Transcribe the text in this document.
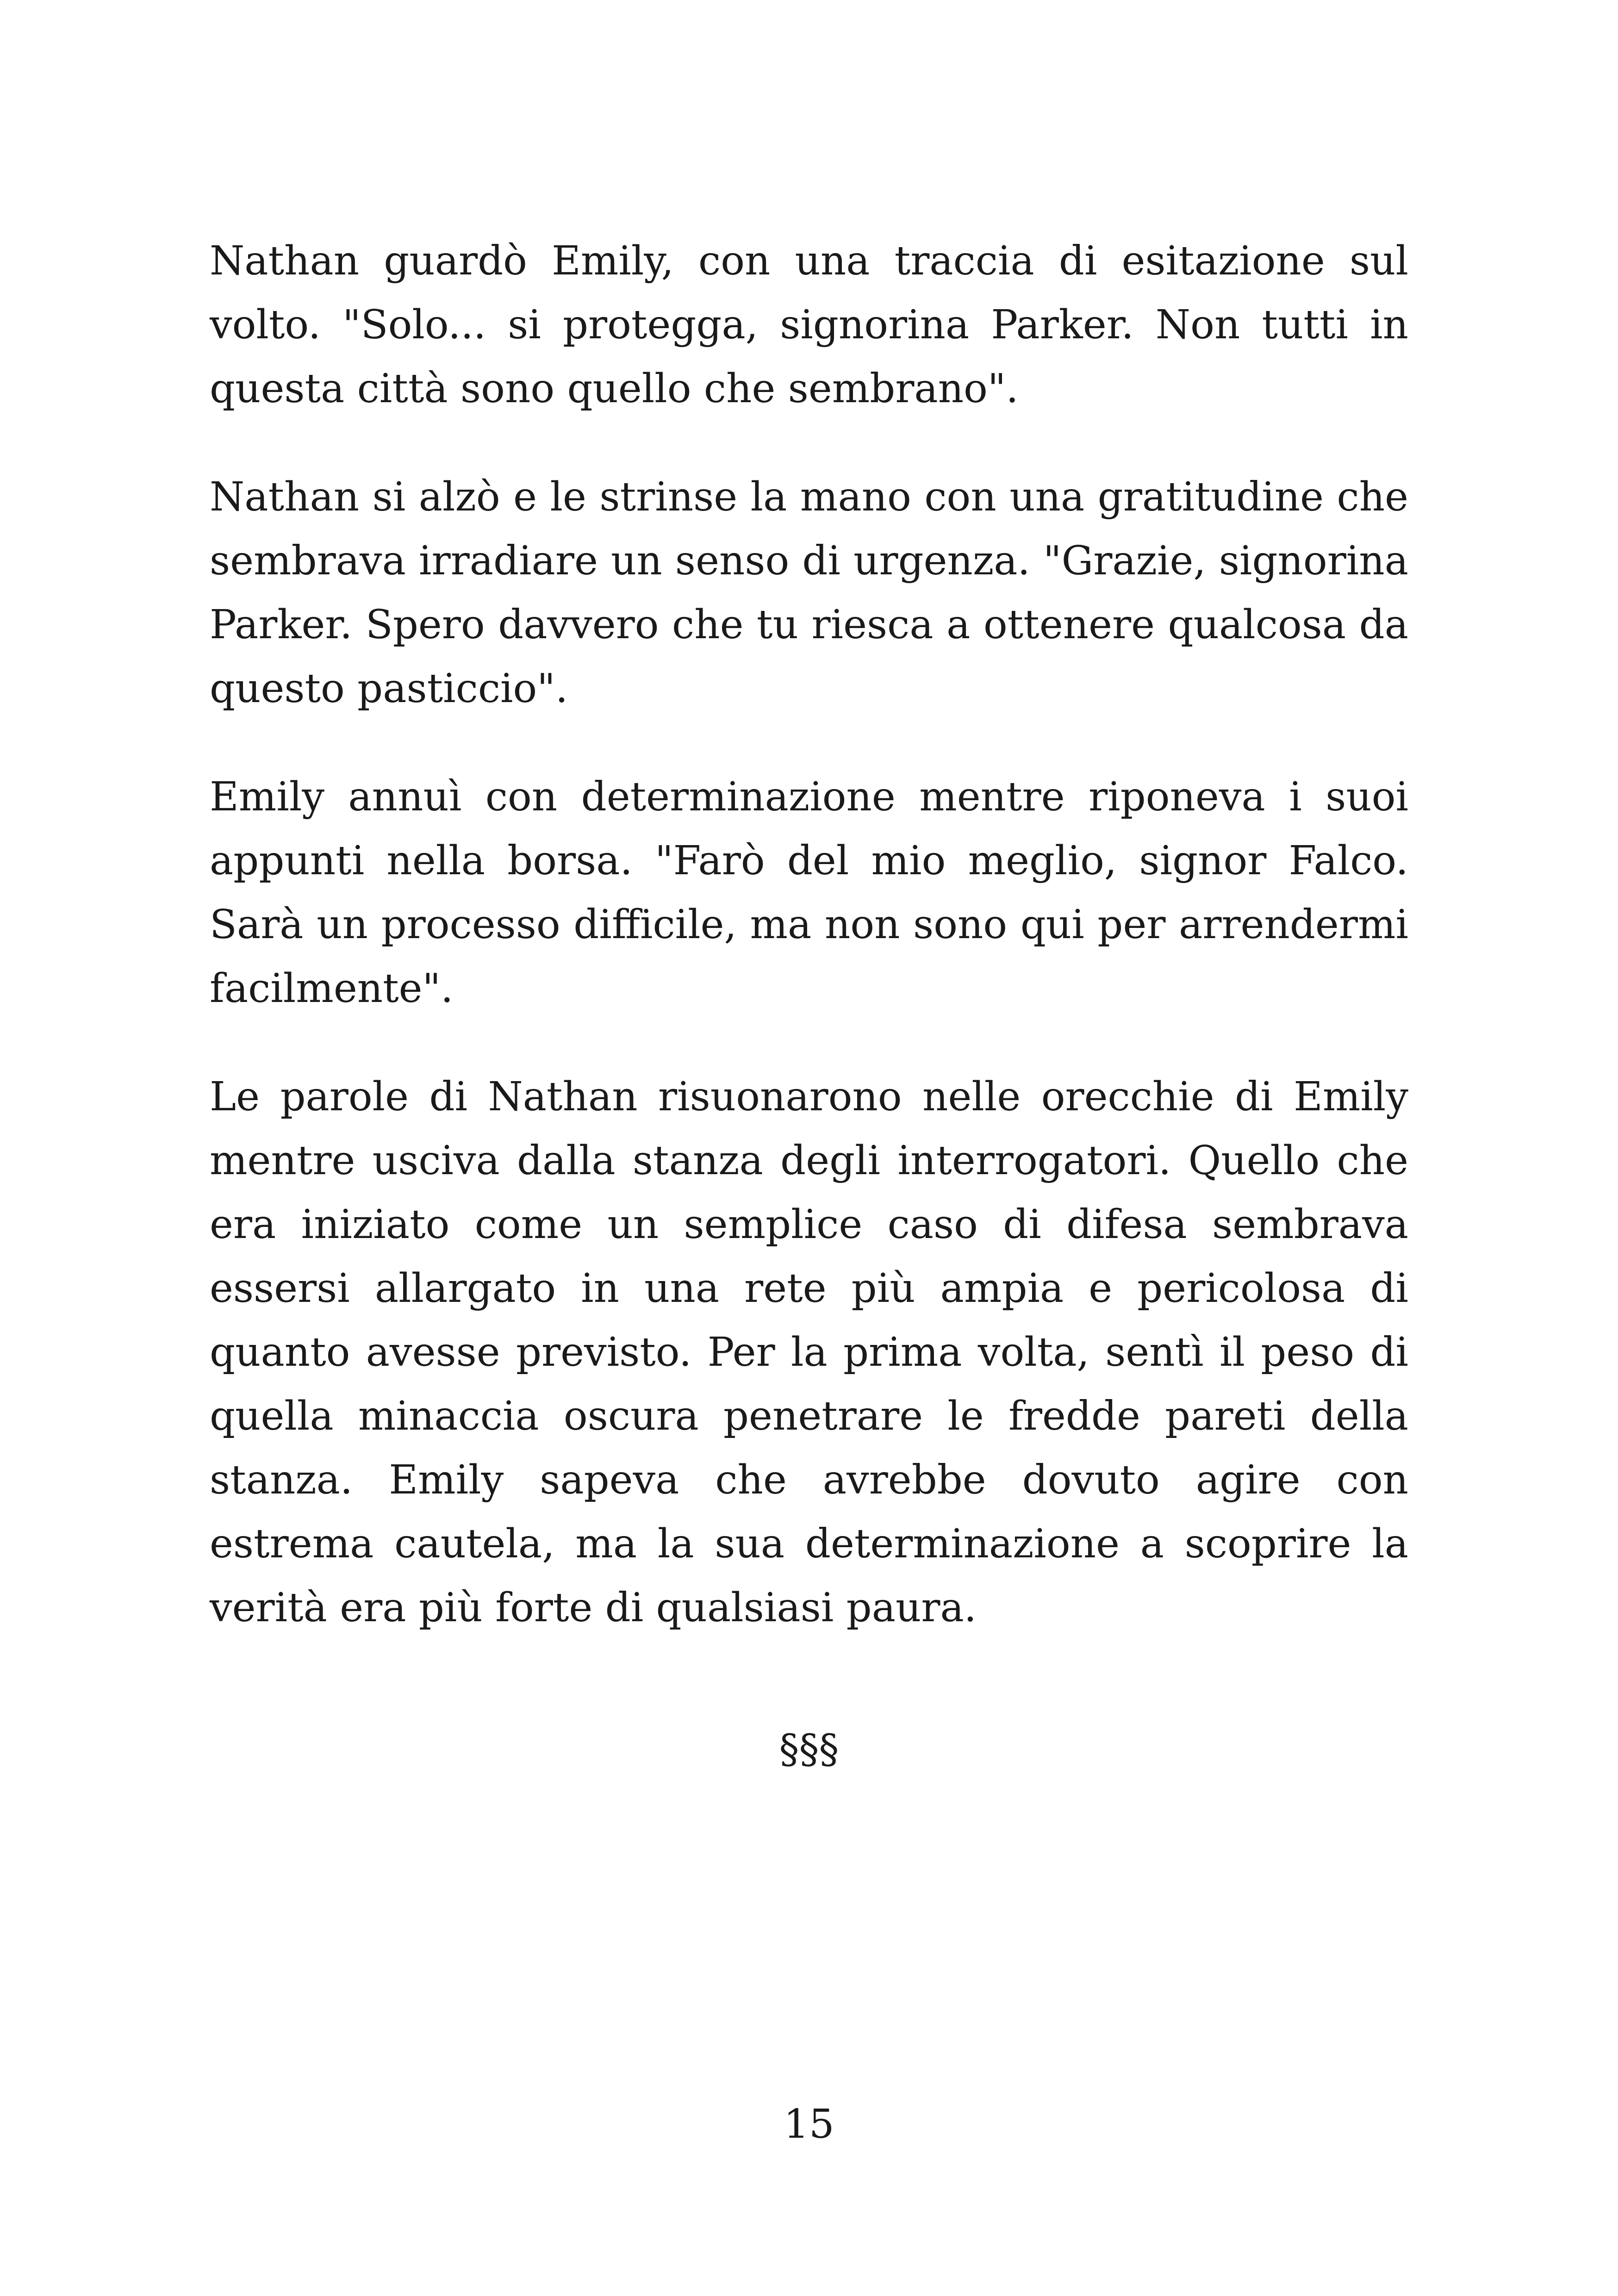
Nathan guardò Emily, con una traccia di esitazione sul volto. "Solo... si protegga, signorina Parker. Non tutti in questa città sono quello che sembrano".

Nathan si alzò e le strinse la mano con una gratitudine che sembrava irradiare un senso di urgenza. "Grazie, signorina Parker. Spero davvero che tu riesca a ottenere qualcosa da questo pasticcio".

Emily annuì con determinazione mentre riponeva i suoi appunti nella borsa. "Farò del mio meglio, signor Falco. Sarà un processo difficile, ma non sono qui per arrendermi facilmente".

Le parole di Nathan risuonarono nelle orecchie di Emily mentre usciva dalla stanza degli interrogatori. Quello che era iniziato come un semplice caso di difesa sembrava essersi allargato in una rete più ampia e pericolosa di quanto avesse previsto. Per la prima volta, sentì il peso di quella minaccia oscura penetrare le fredde pareti della stanza. Emily sapeva che avrebbe dovuto agire con estrema cautela, ma la sua determinazione a scoprire la verità era più forte di qualsiasi paura.

§§§
15
